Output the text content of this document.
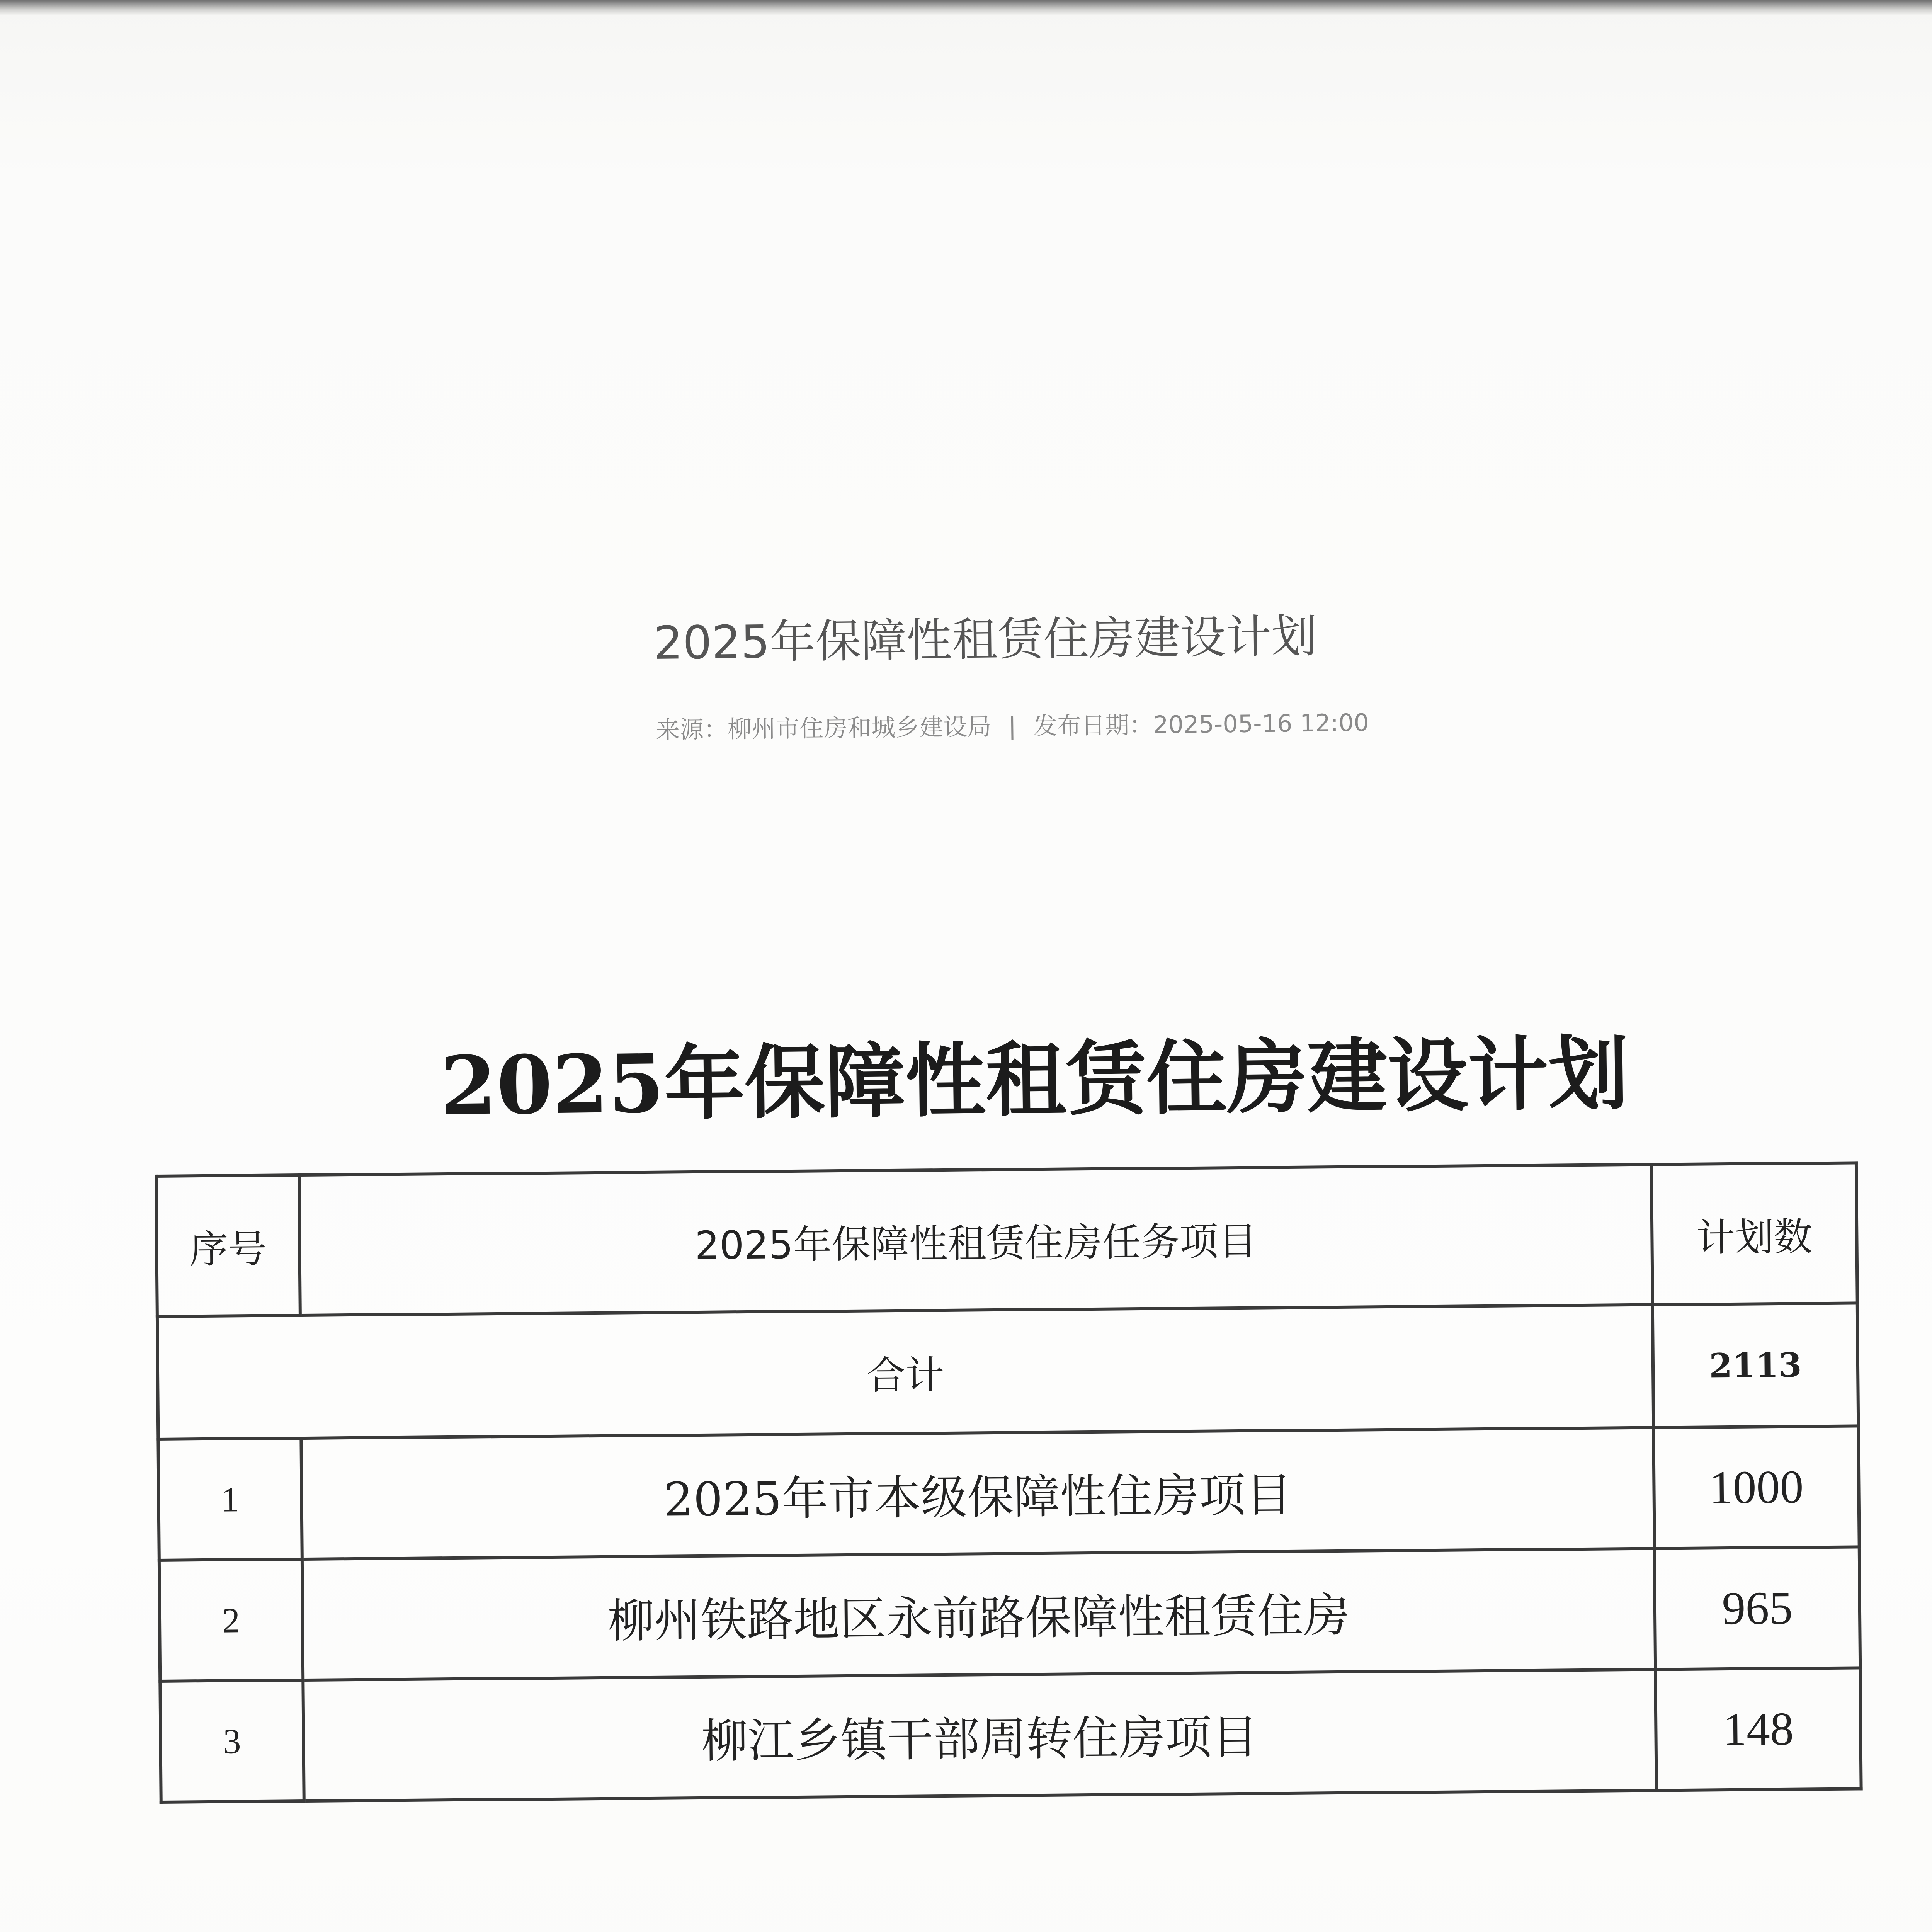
2025年保障性租赁住房建设计划
来源：柳州市住房和城乡建设局 | 发布日期：2025-05-16 12:00
2025年保障性租赁住房建设计划
序号	2025年保障性租赁住房任务项目	计划数
合计		2113
1	2025年市本级保障性住房项目	1000
2	柳州铁路地区永前路保障性租赁住房	965
3	柳江乡镇干部周转住房项目	148
